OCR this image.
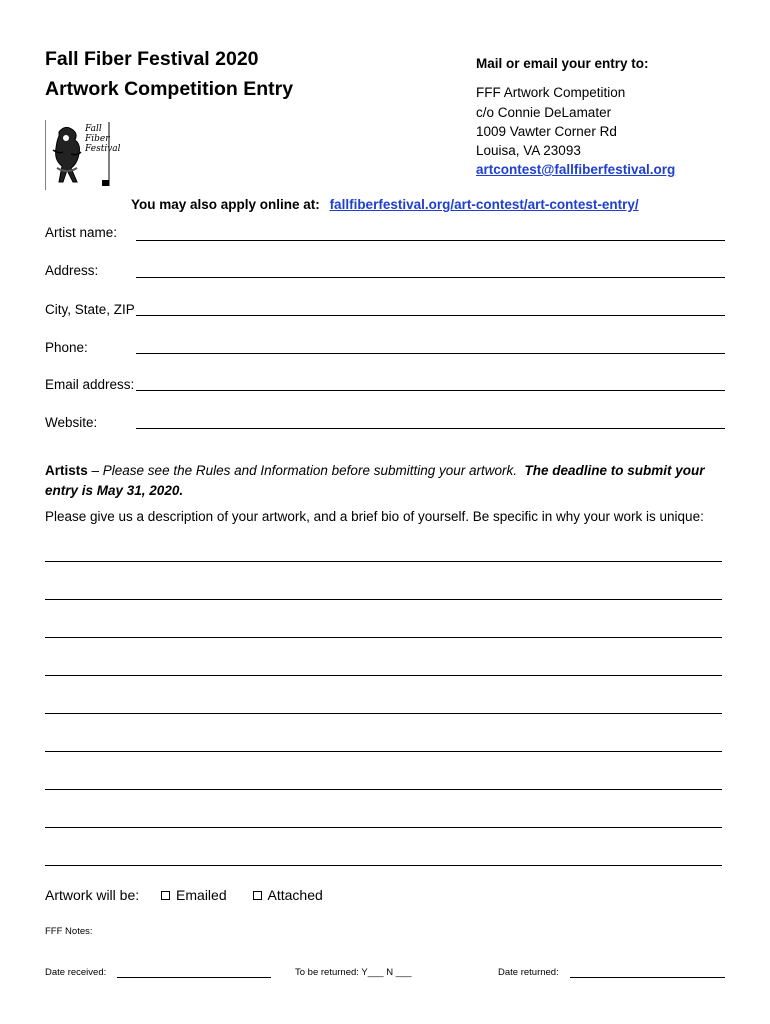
Fall Fiber Festival 2020
Artwork Competition Entry
Fall
Fiber
Festival
Mail or email your entry to:
FFF Artwork Competition
c/o Connie DeLamater
1009 Vawter Corner Rd
Louisa, VA 23093
artcontest@fallfiberfestival.org
You may also apply online at: fallfiberfestival.org/art-contest/art-contest-entry/
Artist name:
Address:
City, State, ZIP
Phone:
Email address:
Website:
Artists – Please see the Rules and Information before submitting your artwork. The deadline to submit your entry is May 31, 2020.
Please give us a description of your artwork, and a brief bio of yourself. Be specific in why your work is unique:
Artwork will be:	Emailed	Attached
FFF Notes:
Date received:	To be returned: Y___ N ___	Date returned:
